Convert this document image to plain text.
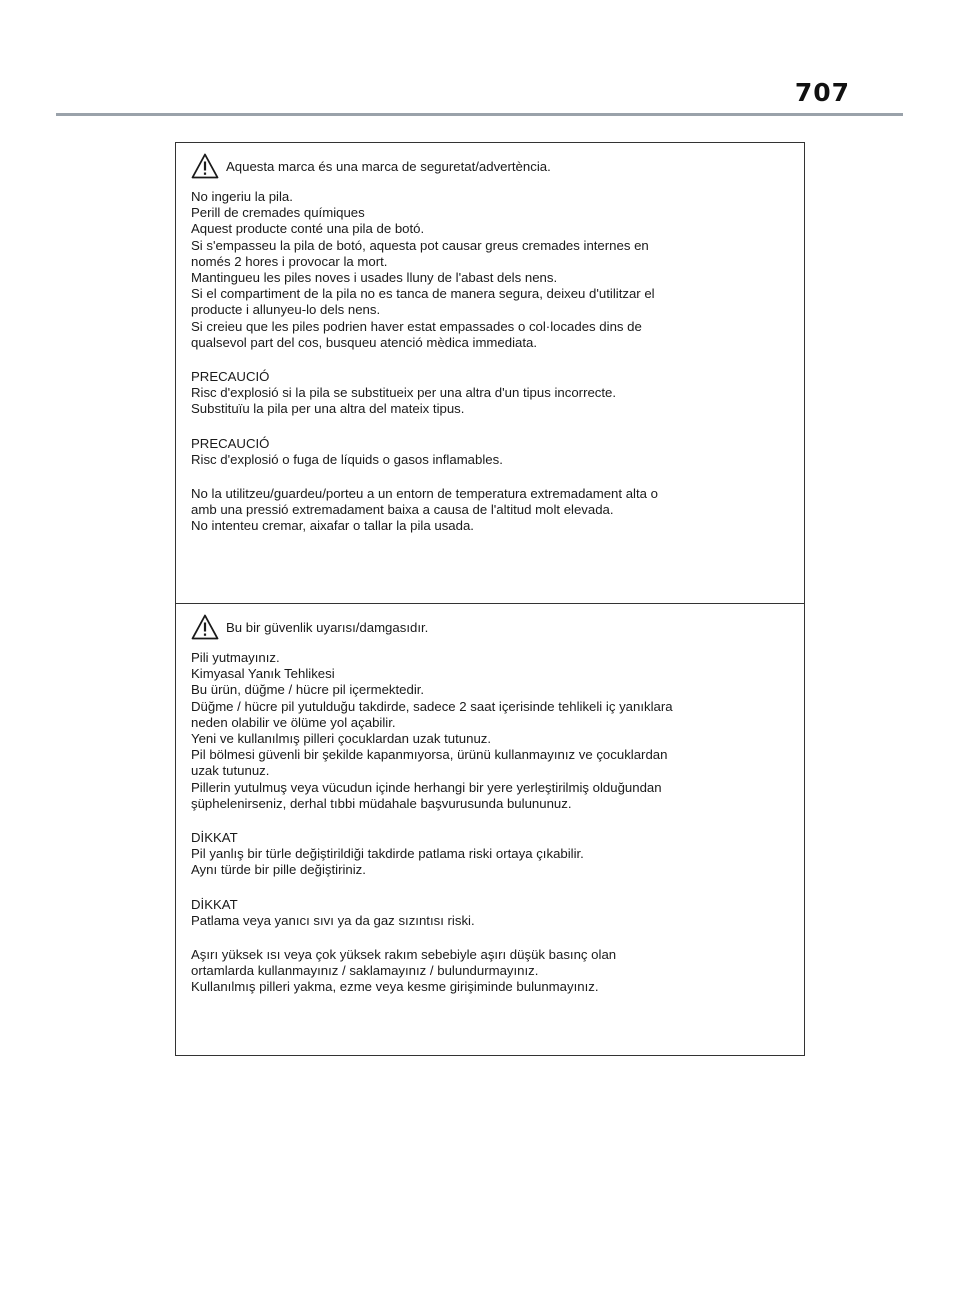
707
Aquesta marca és una marca de seguretat/advertència.
No ingeriu la pila.
Perill de cremades químiques
Aquest producte conté una pila de botó.
Si s'empasseu la pila de botó, aquesta pot causar greus cremades internes en
només 2 hores i provocar la mort.
Mantingueu les piles noves i usades lluny de l'abast dels nens.
Si el compartiment de la pila no es tanca de manera segura, deixeu d'utilitzar el
producte i allunyeu-lo dels nens.
Si creieu que les piles podrien haver estat empassades o col·locades dins de
qualsevol part del cos, busqueu atenció mèdica immediata.
PRECAUCIÓ
Risc d'explosió si la pila se substitueix per una altra d'un tipus incorrecte.
Substituïu la pila per una altra del mateix tipus.
PRECAUCIÓ
Risc d'explosió o fuga de líquids o gasos inflamables.
No la utilitzeu/guardeu/porteu a un entorn de temperatura extremadament alta o
amb una pressió extremadament baixa a causa de l'altitud molt elevada.
No intenteu cremar, aixafar o tallar la pila usada.
Bu bir güvenlik uyarısı/damgasıdır.
Pili yutmayınız.
Kimyasal Yanık Tehlikesi
Bu ürün, düğme / hücre pil içermektedir.
Düğme / hücre pil yutulduğu takdirde, sadece 2 saat içerisinde tehlikeli iç yanıklara
neden olabilir ve ölüme yol açabilir.
Yeni ve kullanılmış pilleri çocuklardan uzak tutunuz.
Pil bölmesi güvenli bir şekilde kapanmıyorsa, ürünü kullanmayınız ve çocuklardan
uzak tutunuz.
Pillerin yutulmuş veya vücudun içinde herhangi bir yere yerleştirilmiş olduğundan
şüphelenirseniz, derhal tıbbi müdahale başvurusunda bulununuz.
DİKKAT
Pil yanlış bir türle değiştirildiği takdirde patlama riski ortaya çıkabilir.
Aynı türde bir pille değiştiriniz.
DİKKAT
Patlama veya yanıcı sıvı ya da gaz sızıntısı riski.
Aşırı yüksek ısı veya çok yüksek rakım sebebiyle aşırı düşük basınç olan
ortamlarda kullanmayınız / saklamayınız / bulundurmayınız.
Kullanılmış pilleri yakma, ezme veya kesme girişiminde bulunmayınız.
